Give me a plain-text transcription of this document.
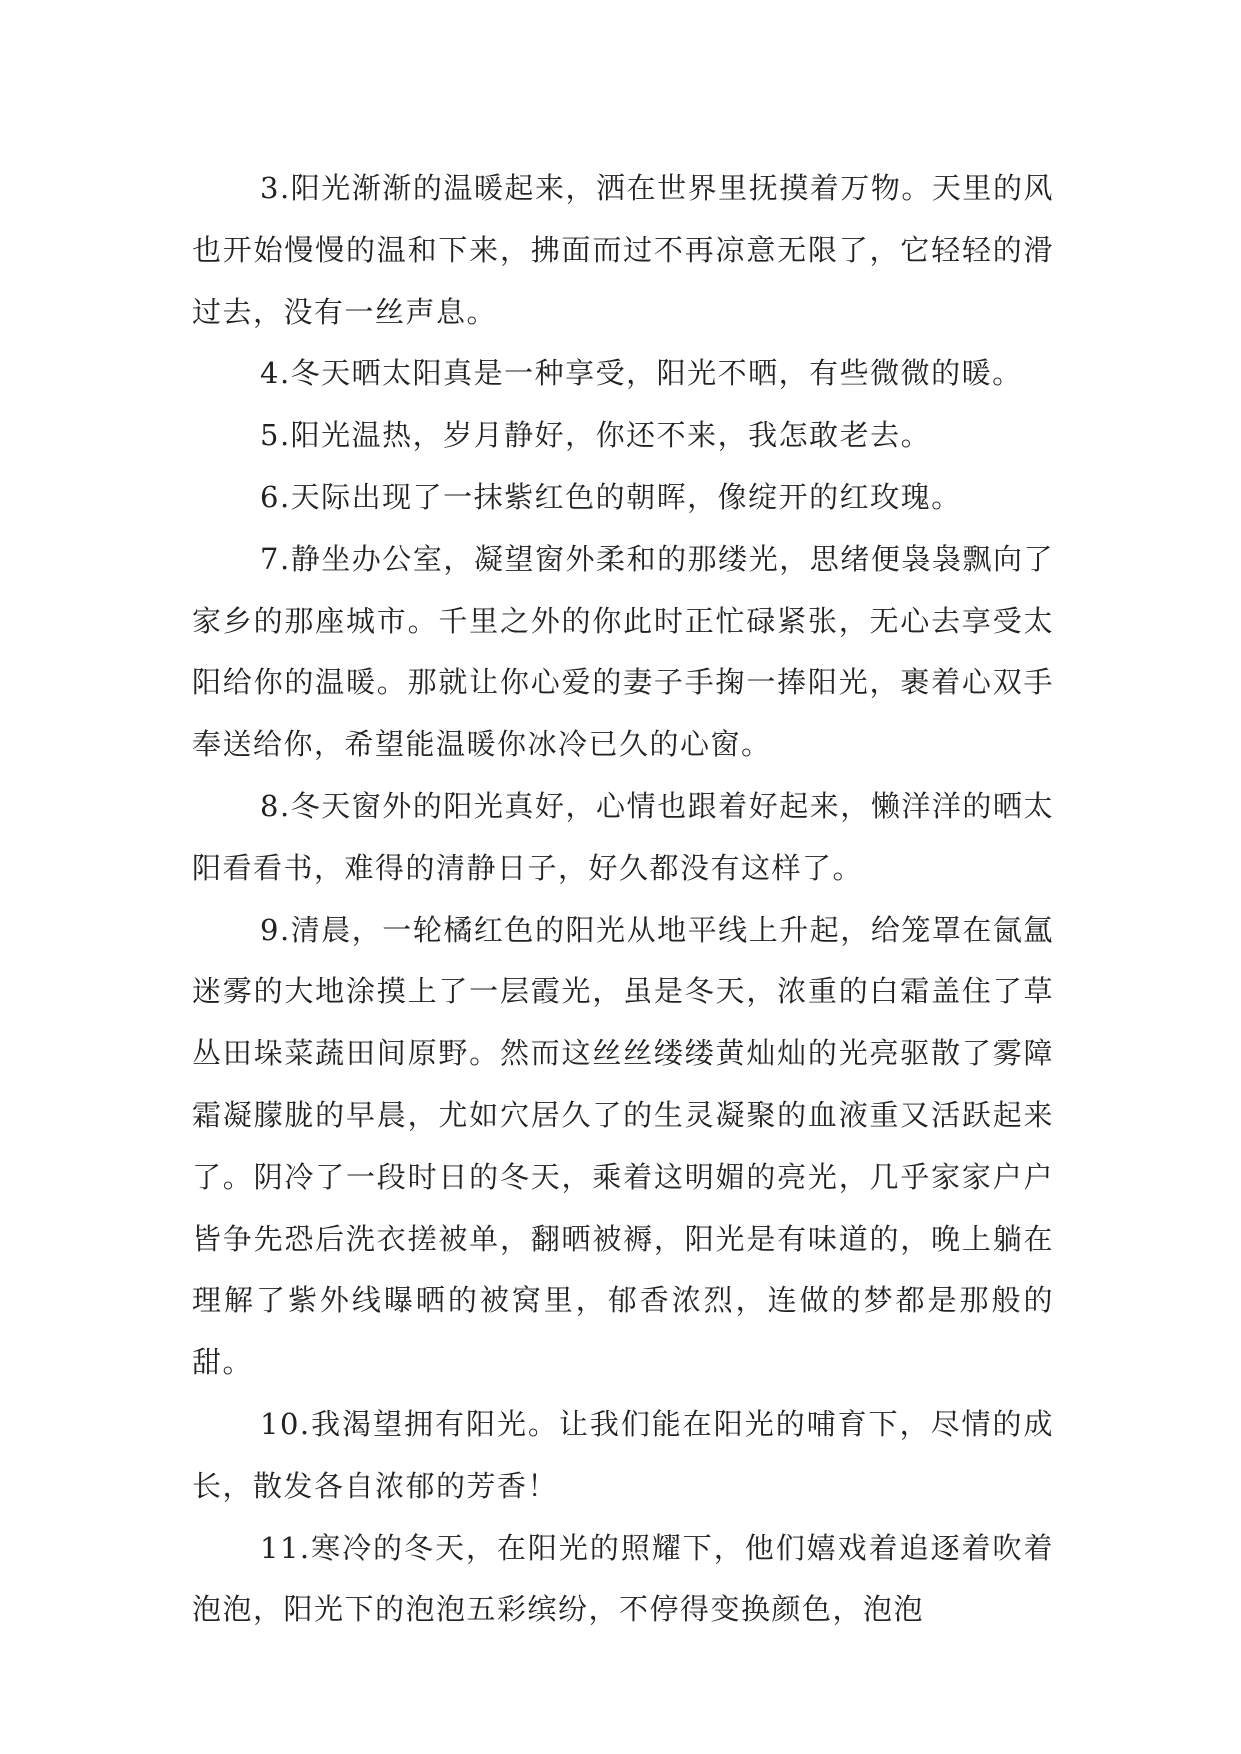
3.阳光渐渐的温暖起来，洒在世界里抚摸着万物。天里的风也开始慢慢的温和下来，拂面而过不再凉意无限了，它轻轻的滑过去，没有一丝声息。

4.冬天晒太阳真是一种享受，阳光不晒，有些微微的暖。

5.阳光温热，岁月静好，你还不来，我怎敢老去。

6.天际出现了一抹紫红色的朝晖，像绽开的红玫瑰。

7.静坐办公室，凝望窗外柔和的那缕光，思绪便袅袅飘向了家乡的那座城市。千里之外的你此时正忙碌紧张，无心去享受太阳给你的温暖。那就让你心爱的妻子手掬一捧阳光，裹着心双手奉送给你，希望能温暖你冰冷已久的心窗。

8.冬天窗外的阳光真好，心情也跟着好起来，懒洋洋的晒太阳看看书，难得的清静日子，好久都没有这样了。

9.清晨，一轮橘红色的阳光从地平线上升起，给笼罩在氤氲迷雾的大地涂摸上了一层霞光，虽是冬天，浓重的白霜盖住了草丛田垛菜蔬田间原野。然而这丝丝缕缕黄灿灿的光亮驱散了雾障霜凝朦胧的早晨，尤如穴居久了的生灵凝聚的血液重又活跃起来了。阴冷了一段时日的冬天，乘着这明媚的亮光，几乎家家户户皆争先恐后洗衣搓被单，翻晒被褥，阳光是有味道的，晚上躺在理解了紫外线曝晒的被窝里，郁香浓烈，连做的梦都是那般的甜。

10.我渴望拥有阳光。让我们能在阳光的哺育下，尽情的成长，散发各自浓郁的芳香！

11.寒冷的冬天，在阳光的照耀下，他们嬉戏着追逐着吹着泡泡，阳光下的泡泡五彩缤纷，不停得变换颜色，泡泡
